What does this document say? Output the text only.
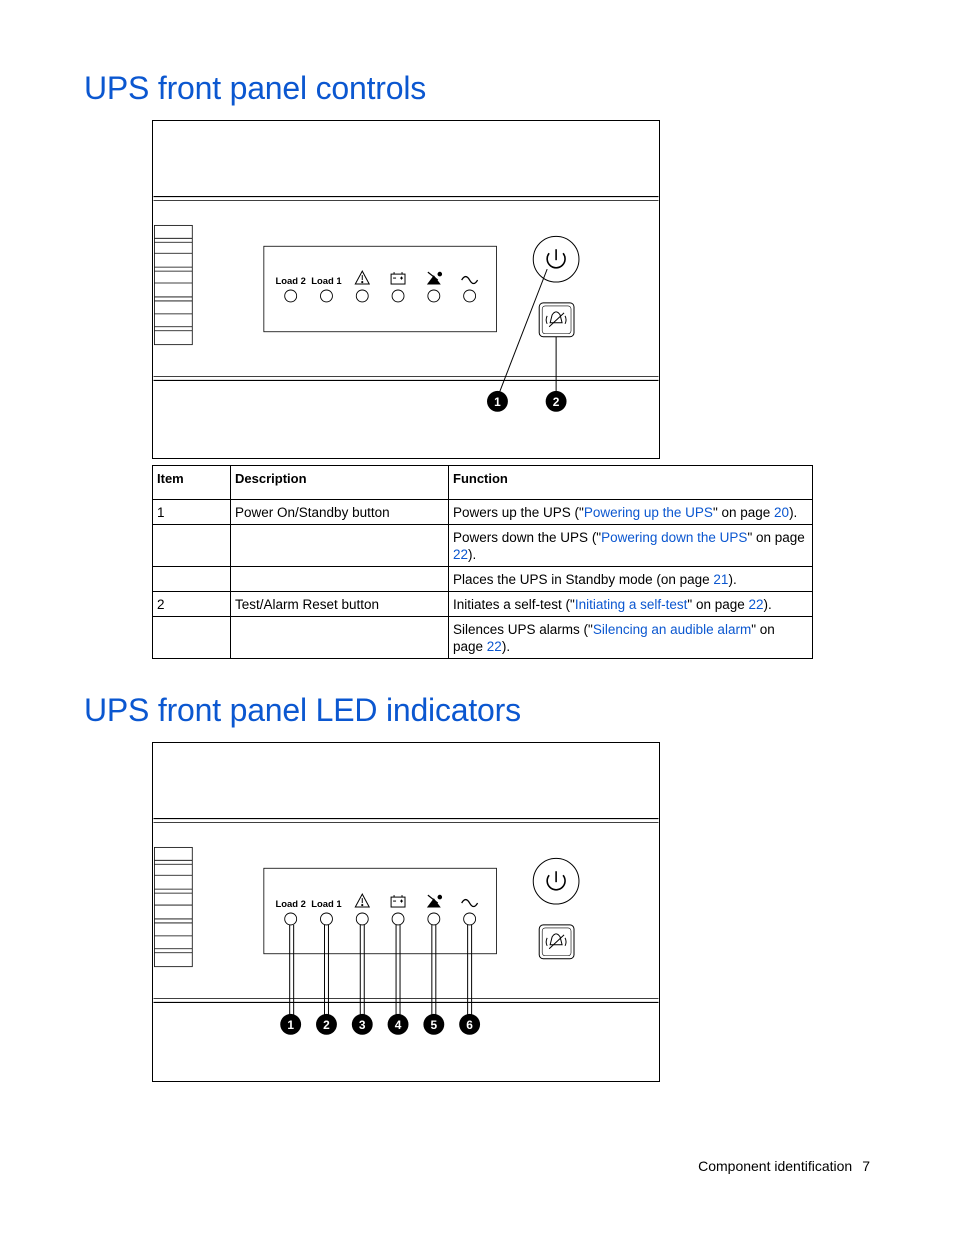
UPS front panel controls
Load 2 Load 1
1	2
Item	Description	Function
1	Power On/Standby button	Powers up the UPS ("Powering up the UPS" on page 20).
		Powers down the UPS ("Powering down the UPS" on page 22).
		Places the UPS in Standby mode (on page 21).
2	Test/Alarm Reset button	Initiates a self-test ("Initiating a self-test" on page 22).
		Silences UPS alarms ("Silencing an audible alarm" on page 22).
UPS front panel LED indicators
Load 2 Load 1
1 2 3 4 5 6
Component identification 7
